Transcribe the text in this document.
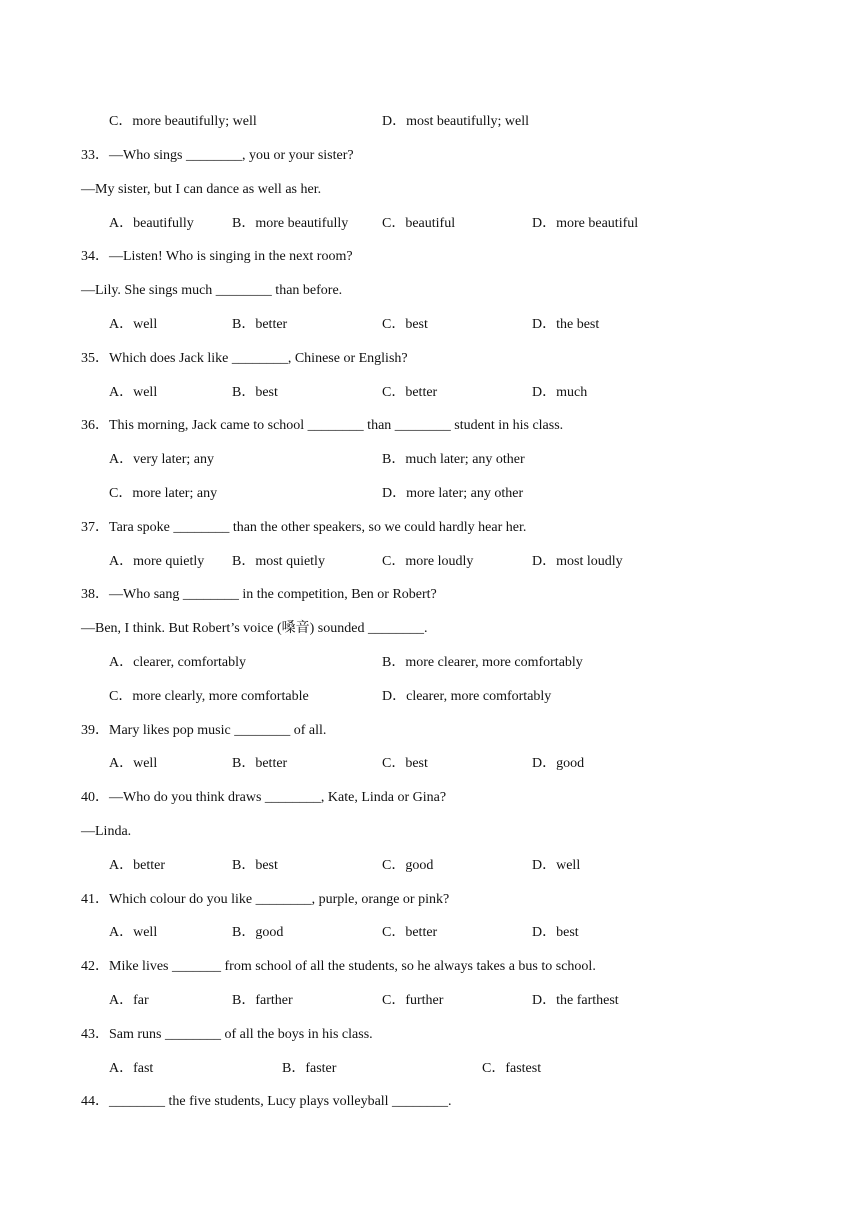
C．more beautifully; well	D．most beautifully; well
33．—Who sings ________, you or your sister?
—My sister, but I can dance as well as her.
A．beautifully	B．more beautifully C．beautiful	D．more beautiful
34．—Listen! Who is singing in the next room?
—Lily. She sings much ________ than before.
A．well	B．better	C．best	D．the best
35．Which does Jack like ________, Chinese or English?
A．well	B．best	C．better	D．much
36．This morning, Jack came to school ________ than ________ student in his class.
A．very later; any	B．much later; any other
C．more later; any	D．more later; any other
37．Tara spoke ________ than the other speakers, so we could hardly hear her.
A．more quietly B．most quietly	C．more loudly	D．most loudly
38．—Who sang ________ in the competition, Ben or Robert?
—Ben, I think. But Robert’s voice (嗓音) sounded ________.
A．clearer, comfortably	B．more clearer, more comfortably
C．more clearly, more comfortable	D．clearer, more comfortably
39．Mary likes pop music ________ of all.
A．well	B．better	C．best	D．good
40．—Who do you think draws ________, Kate, Linda or Gina?
—Linda.
A．better	B．best	C．good	D．well
41．Which colour do you like ________, purple, orange or pink?
A．well	B．good	C．better	D．best
42．Mike lives _______ from school of all the students, so he always takes a bus to school.
A．far	B．farther	C．further	D．the farthest
43．Sam runs ________ of all the boys in his class.
A．fast	B．faster	C．fastest
44．________ the five students, Lucy plays volleyball ________.
